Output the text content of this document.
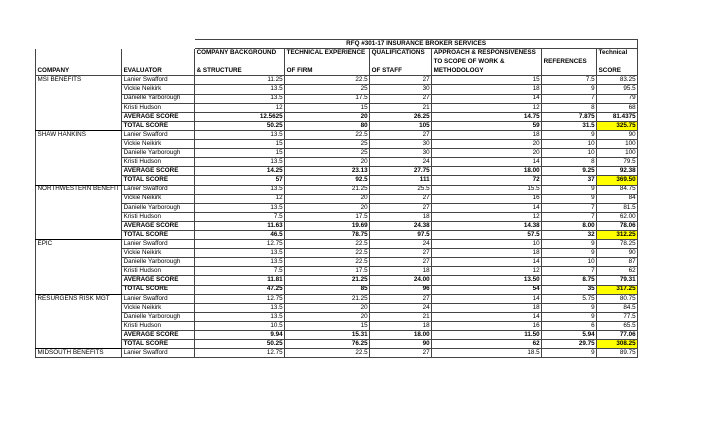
		RFQ #301-17 INSURANCE BROKER SERVICES					
		COMPANY BACKGROUND	TECHNICAL EXPERIENCE	QUALIFICATIONS	APPROACH & RESPONSIVENESS		Technical
					TO SCOPE OF WORK &	REFERENCES	
COMPANY	EVALUATOR	& STRUCTURE	OF FIRM	OF STAFF	METHODOLOGY		SCORE
MSI BENEFITS	Lanier Swafford	11.25	22.5	27	15	7.5	83.25
	Vickie Neikirk	13.5	25	30	18	9	95.5
	Danielle Yarborough	13.5	17.5	27	14	7	79
	Kristi Hudson	12	15	21	12	8	68
	AVERAGE SCORE	12.5625	20	26.25	14.75	7.875	81.4375
	TOTAL SCORE	50.25	80	105	59	31.5	325.75
SHAW HANKINS	Lanier Swafford	13.5	22.5	27	18	9	90
	Vickie Neikirk	15	25	30	20	10	100
	Danielle Yarborough	15	25	30	20	10	100
	Kristi Hudson	13.5	20	24	14	8	79.5
	AVERAGE SCORE	14.25	23.13	27.75	18.00	9.25	92.38
	TOTAL SCORE	57	92.5	111	72	37	369.50
NORTHWESTERN BENEFIT	Lanier Swafford	13.5	21.25	25.5	15.5	9	84.75
	Vickie Neikirk	12	20	27	16	9	84
	Danielle Yarborough	13.5	20	27	14	7	81.5
	Kristi Hudson	7.5	17.5	18	12	7	62.00
	AVERAGE SCORE	11.63	19.69	24.38	14.38	8.00	78.06
	TOTAL SCORE	46.5	78.75	97.5	57.5	32	312.25
EPIC	Lanier Swafford	12.75	22.5	24	10	9	78.25
	Vickie Neikirk	13.5	22.5	27	18	9	90
	Danielle Yarborough	13.5	22.5	27	14	10	87
	Kristi Hudson	7.5	17.5	18	12	7	62
	AVERAGE SCORE	11.81	21.25	24.00	13.50	8.75	79.31
	TOTAL SCORE	47.25	85	96	54	35	317.25
RESURGENS RISK MGT	Lanier Swafford	12.75	21.25	27	14	5.75	80.75
	Vickie Neikirk	13.5	20	24	18	9	84.5
	Danielle Yarborough	13.5	20	21	14	9	77.5
	Kristi Hudson	10.5	15	18	16	6	65.5
	AVERAGE SCORE	9.94	15.31	18.00	11.50	5.94	77.06
	TOTAL SCORE	50.25	76.25	90	62	29.75	308.25
MIDSOUTH BENEFITS	Lanier Swafford	12.75	22.5	27	18.5	9	89.75
